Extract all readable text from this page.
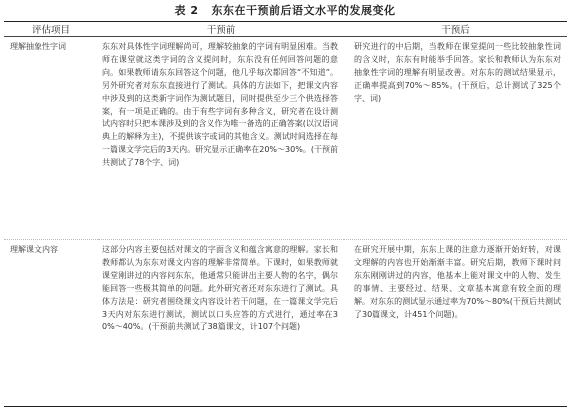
表 2 东东在干预前后语文水平的发展变化
评估项目	干预前	干预后
理解抽象性字词	东东对具体性字词理解尚可，理解较抽象的字词有明显困难。当教师在课堂就这类字词的含义提问时，东东没有任何回答问题的意向。如果教师请东东回答这个问题，他几乎每次都回答“不知道”。另外研究者对东东直接进行了测试。具体的方法如下，把课文内容中涉及到的这类新字词作为测试题目，同时提供至少三个供选择答案，有一项是正确的。由于有些字词有多种含义，研究者在设计测试内容时只把本课涉及到的含义作为唯一备选的正确答案(以汉语词典上的解释为主)，不提供该字或词的其他含义。测试时间选择在每一篇课文学完后的3天内。研究显示正确率在20%～30%。(干预前共测试了78个字、词)	研究进行的中后期，当教师在课堂提问一些比较抽象性词的含义时，东东有时能举手回答。家长和教师认为东东对抽象性字词的理解有明显改善。对东东的测试结果显示，正确率提高到70%～85%。(干预后，总计测试了325个字、词)
理解课文内容	这部分内容主要包括对课文的字面含义和蕴含寓意的理解。家长和教师都认为东东对课文内容的理解非常简单。下课时，如果教师就课堂刚讲过的内容问东东，他通常只能讲出主要人物的名字，偶尔能回答一些极其简单的问题。此外研究者还对东东进行了测试。具体方法是：研究者围绕课文内容设计若干问题，在一篇课文学完后3天内对东东进行测试，测试以口头应答的方式进行，通过率在30%～40%。(干预前共测试了38篇课文，计107个问题)	在研究开展中期，东东上课的注意力逐渐开始好转，对课文理解的内容也开始渐渐丰富。研究后期，教师下课时问东东刚刚讲过的内容，他基本上能对课文中的人物、发生的事情、主要经过、结果、文章基本寓意有较全面的理解。对东东的测试显示通过率为70%～80%(干预后共测试了30篇课文，计451个问题)。
